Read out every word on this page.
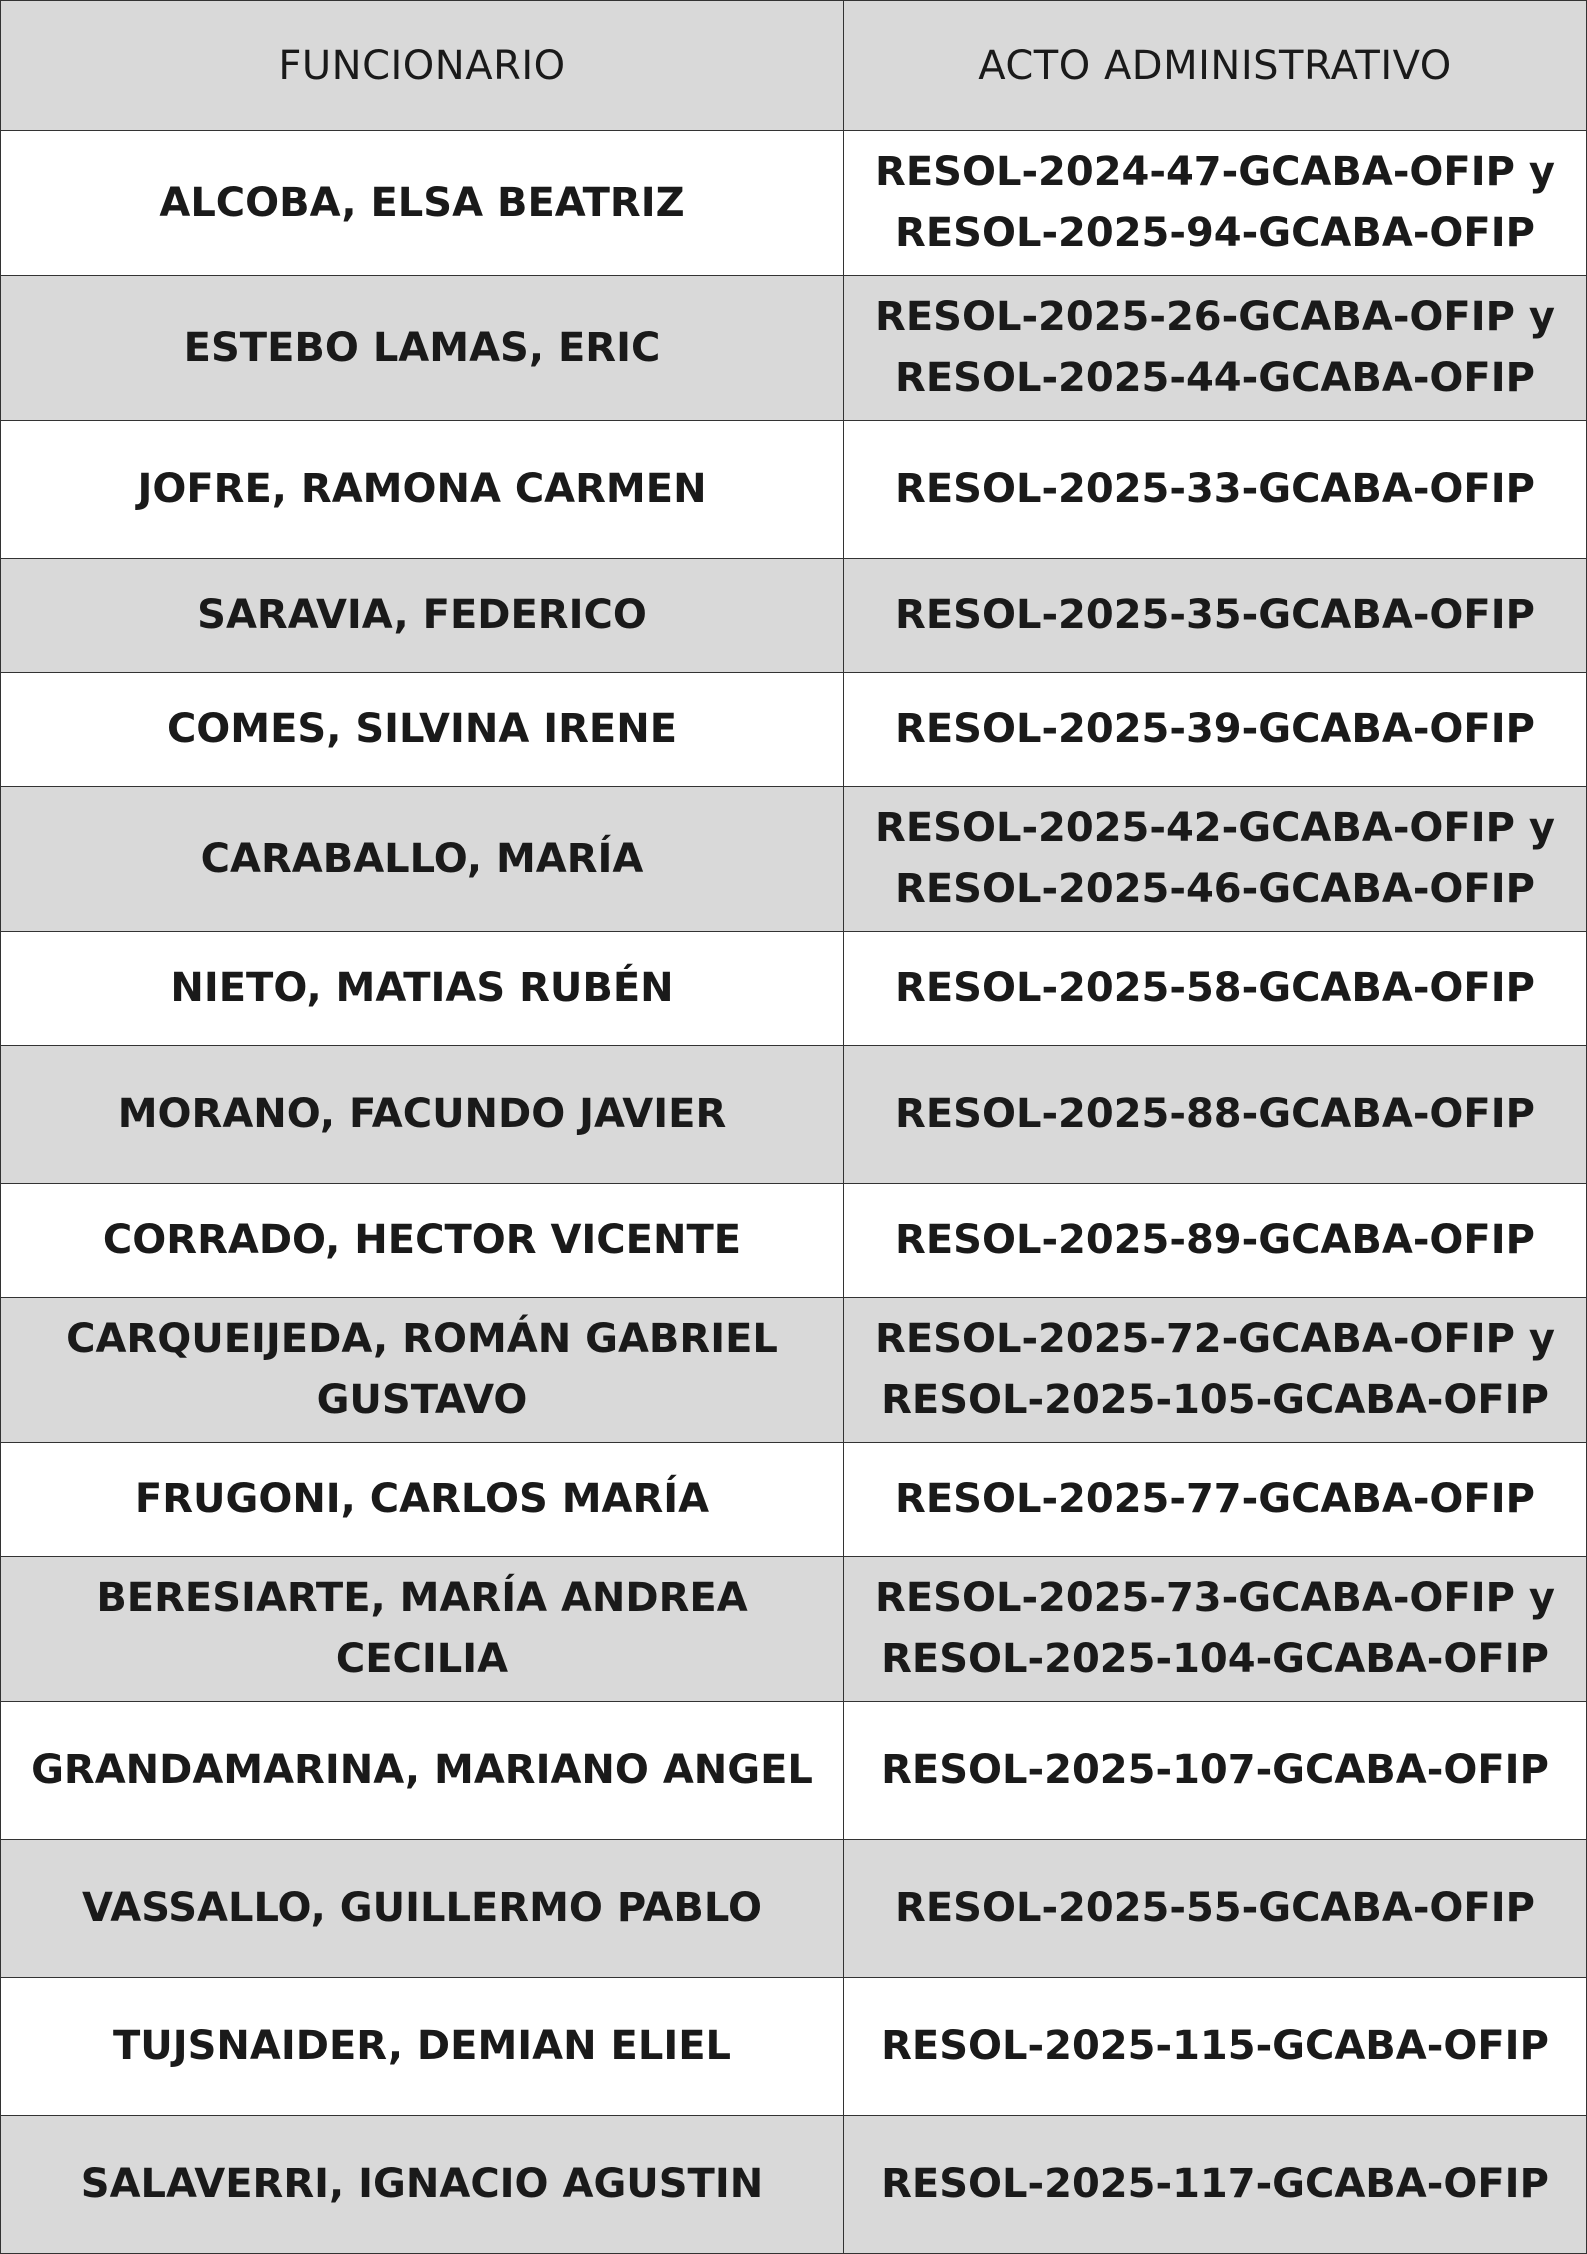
FUNCIONARIO	ACTO ADMINISTRATIVO
ALCOBA, ELSA BEATRIZ	RESOL-2024-47-GCABA-OFIP y
RESOL-2025-94-GCABA-OFIP

ESTEBO LAMAS, ERIC	RESOL-2025-26-GCABA-OFIP y
RESOL-2025-44-GCABA-OFIP

JOFRE, RAMONA CARMEN	RESOL-2025-33-GCABA-OFIP

SARAVIA, FEDERICO	RESOL-2025-35-GCABA-OFIP

COMES, SILVINA IRENE	RESOL-2025-39-GCABA-OFIP

CARABALLO, MARÍA	RESOL-2025-42-GCABA-OFIP y
RESOL-2025-46-GCABA-OFIP

NIETO, MATIAS RUBÉN	RESOL-2025-58-GCABA-OFIP

MORANO, FACUNDO JAVIER	RESOL-2025-88-GCABA-OFIP

CORRADO, HECTOR VICENTE	RESOL-2025-89-GCABA-OFIP

CARQUEIJEDA, ROMÁN GABRIEL GUSTAVO	RESOL-2025-72-GCABA-OFIP y
RESOL-2025-105-GCABA-OFIP

FRUGONI, CARLOS MARÍA	RESOL-2025-77-GCABA-OFIP

BERESIARTE, MARÍA ANDREA CECILIA	RESOL-2025-73-GCABA-OFIP y
RESOL-2025-104-GCABA-OFIP

GRANDAMARINA, MARIANO ANGEL	RESOL-2025-107-GCABA-OFIP

VASSALLO, GUILLERMO PABLO	RESOL-2025-55-GCABA-OFIP

TUJSNAIDER, DEMIAN ELIEL	RESOL-2025-115-GCABA-OFIP

SALAVERRI, IGNACIO AGUSTIN	RESOL-2025-117-GCABA-OFIP
